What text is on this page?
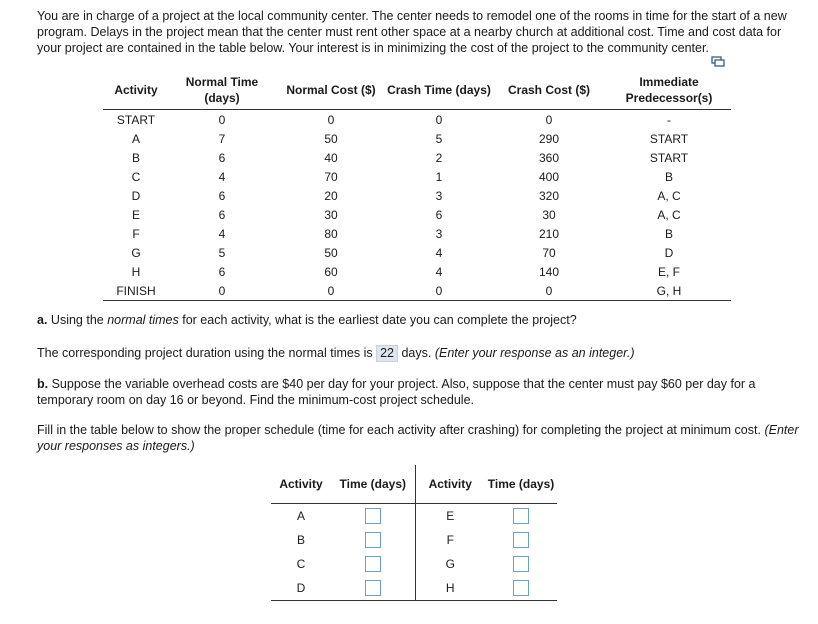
You are in charge of a project at the local community center. The center needs to remodel one of the rooms in time for the start of a new program. Delays in the project mean that the center must rent other space at a nearby church at additional cost. Time and cost data for your project are contained in the table below. Your interest is in minimizing the cost of the project to the community center.
Activity	Normal Time (days)	Normal Cost ($)	Crash Time (days)	Crash Cost ($)	Immediate Predecessor(s)
START	0	0	0	0	-
A	7	50	5	290	START
B	6	40	2	360	START
C	4	70	1	400	B
D	6	20	3	320	A, C
E	6	30	6	30	A, C
F	4	80	3	210	B
G	5	50	4	70	D
H	6	60	4	140	E, F
FINISH	0	0	0	0	G, H
a. Using the normal times for each activity, what is the earliest date you can complete the project?
The corresponding project duration using the normal times is 22 days. (Enter your response as an integer.)
b. Suppose the variable overhead costs are $40 per day for your project. Also, suppose that the center must pay $60 per day for a temporary room on day 16 or beyond. Find the minimum-cost project schedule.
Fill in the table below to show the proper schedule (time for each activity after crashing) for completing the project at minimum cost. (Enter your responses as integers.)
Activity	Time (days)	Activity	Time (days)
A		E	
B		F	
C		G	
D		H	
